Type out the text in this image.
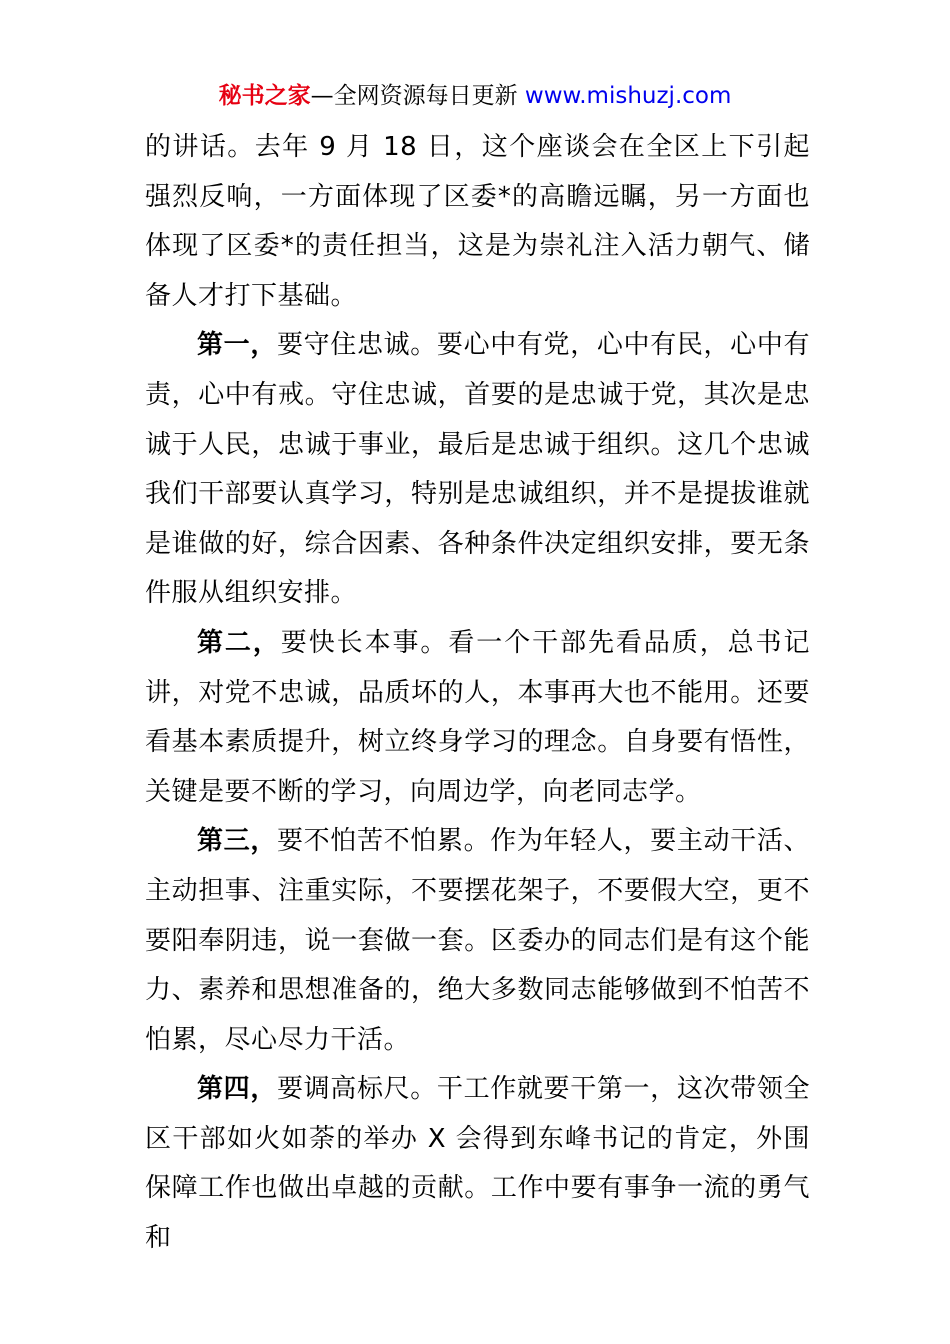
秘书之家—全网资源每日更新 www.mishuzj.com

的讲话。去年 9 月 18 日，这个座谈会在全区上下引起强烈反响，一方面体现了区委*的高瞻远瞩，另一方面也体现了区委*的责任担当，这是为崇礼注入活力朝气、储备人才打下基础。

第一，要守住忠诚。要心中有党，心中有民，心中有责，心中有戒。守住忠诚，首要的是忠诚于党，其次是忠诚于人民，忠诚于事业，最后是忠诚于组织。这几个忠诚我们干部要认真学习，特别是忠诚组织，并不是提拔谁就是谁做的好，综合因素、各种条件决定组织安排，要无条件服从组织安排。

第二，要快长本事。看一个干部先看品质，总书记讲，对党不忠诚，品质坏的人，本事再大也不能用。还要看基本素质提升，树立终身学习的理念。自身要有悟性，关键是要不断的学习，向周边学，向老同志学。

第三，要不怕苦不怕累。作为年轻人，要主动干活、主动担事、注重实际，不要摆花架子，不要假大空，更不要阳奉阴违，说一套做一套。区委办的同志们是有这个能力、素养和思想准备的，绝大多数同志能够做到不怕苦不怕累，尽心尽力干活。

第四，要调高标尺。干工作就要干第一，这次带领全区干部如火如荼的举办 X 会得到东峰书记的肯定，外围保障工作也做出卓越的贡献。工作中要有事争一流的勇气和
